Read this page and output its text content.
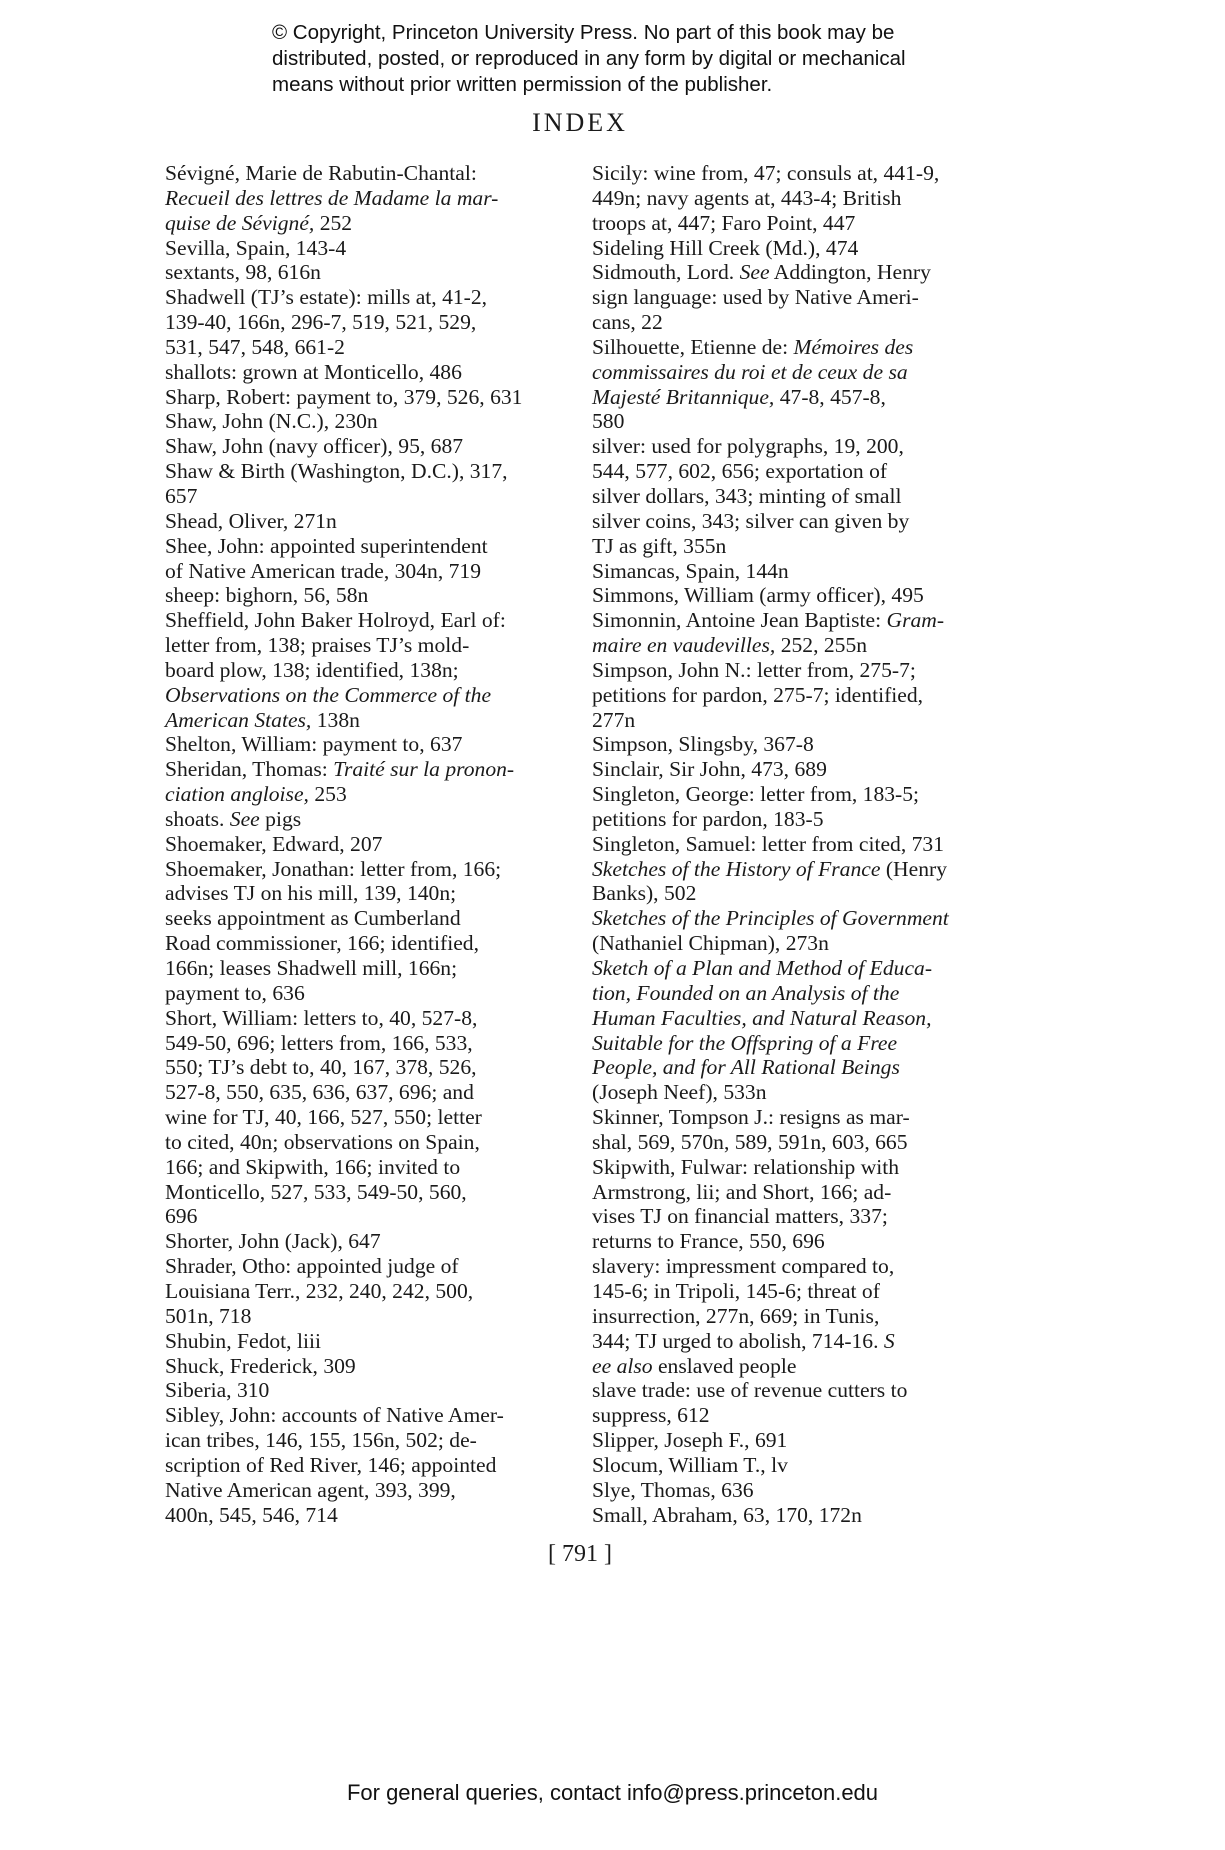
© Copyright, Princeton University Press. No part of this book may be
distributed, posted, or reproduced in any form by digital or mechanical
means without prior written permission of the publisher.
INDEX
Sévigné, Marie de Rabutin-Chantal:
Recueil des lettres de Madame la mar-
quise de Sévigné, 252
Sevilla, Spain, 143-4
sextants, 98, 616n
Shadwell (TJ’s estate): mills at, 41-2,
139-40, 166n, 296-7, 519, 521, 529,
531, 547, 548, 661-2
shallots: grown at Monticello, 486
Sharp, Robert: payment to, 379, 526, 631
Shaw, John (N.C.), 230n
Shaw, John (navy officer), 95, 687
Shaw & Birth (Washington, D.C.), 317,
657
Shead, Oliver, 271n
Shee, John: appointed superintendent
of Native American trade, 304n, 719
sheep: bighorn, 56, 58n
Sheffield, John Baker Holroyd, Earl of:
letter from, 138; praises TJ’s mold-
board plow, 138; identified, 138n;
Observations on the Commerce of the
American States, 138n
Shelton, William: payment to, 637
Sheridan, Thomas: Traité sur la pronon-
ciation angloise, 253
shoats. See pigs
Shoemaker, Edward, 207
Shoemaker, Jonathan: letter from, 166;
advises TJ on his mill, 139, 140n;
seeks appointment as Cumberland
Road commissioner, 166; identified,
166n; leases Shadwell mill, 166n;
payment to, 636
Short, William: letters to, 40, 527-8,
549-50, 696; letters from, 166, 533,
550; TJ’s debt to, 40, 167, 378, 526,
527-8, 550, 635, 636, 637, 696; and
wine for TJ, 40, 166, 527, 550; letter
to cited, 40n; observations on Spain,
166; and Skipwith, 166; invited to
Monticello, 527, 533, 549-50, 560,
696
Shorter, John (Jack), 647
Shrader, Otho: appointed judge of
Louisiana Terr., 232, 240, 242, 500,
501n, 718
Shubin, Fedot, liii
Shuck, Frederick, 309
Siberia, 310
Sibley, John: accounts of Native Amer-
ican tribes, 146, 155, 156n, 502; de-
scription of Red River, 146; appointed
Native American agent, 393, 399,
400n, 545, 546, 714
Sicily: wine from, 47; consuls at, 441-9,
449n; navy agents at, 443-4; British
troops at, 447; Faro Point, 447
Sideling Hill Creek (Md.), 474
Sidmouth, Lord. See Addington, Henry
sign language: used by Native Ameri-
cans, 22
Silhouette, Etienne de: Mémoires des
commissaires du roi et de ceux de sa
Majesté Britannique, 47-8, 457-8,
580
silver: used for polygraphs, 19, 200,
544, 577, 602, 656; exportation of
silver dollars, 343; minting of small
silver coins, 343; silver can given by
TJ as gift, 355n
Simancas, Spain, 144n
Simmons, William (army officer), 495
Simonnin, Antoine Jean Baptiste: Gram-
maire en vaudevilles, 252, 255n
Simpson, John N.: letter from, 275-7;
petitions for pardon, 275-7; identified,
277n
Simpson, Slingsby, 367-8
Sinclair, Sir John, 473, 689
Singleton, George: letter from, 183-5;
petitions for pardon, 183-5
Singleton, Samuel: letter from cited, 731
Sketches of the History of France (Henry
Banks), 502
Sketches of the Principles of Government
(Nathaniel Chipman), 273n
Sketch of a Plan and Method of Educa-
tion, Founded on an Analysis of the
Human Faculties, and Natural Reason,
Suitable for the Offspring of a Free
People, and for All Rational Beings
(Joseph Neef), 533n
Skinner, Tompson J.: resigns as mar-
shal, 569, 570n, 589, 591n, 603, 665
Skipwith, Fulwar: relationship with
Armstrong, lii; and Short, 166; ad-
vises TJ on financial matters, 337;
returns to France, 550, 696
slavery: impressment compared to,
145-6; in Tripoli, 145-6; threat of
insurrection, 277n, 669; in Tunis,
344; TJ urged to abolish, 714-16. S
ee also enslaved people
slave trade: use of revenue cutters to
suppress, 612
Slipper, Joseph F., 691
Slocum, William T., lv
Slye, Thomas, 636
Small, Abraham, 63, 170, 172n
[ 791 ]
For general queries, contact info@press.princeton.edu
